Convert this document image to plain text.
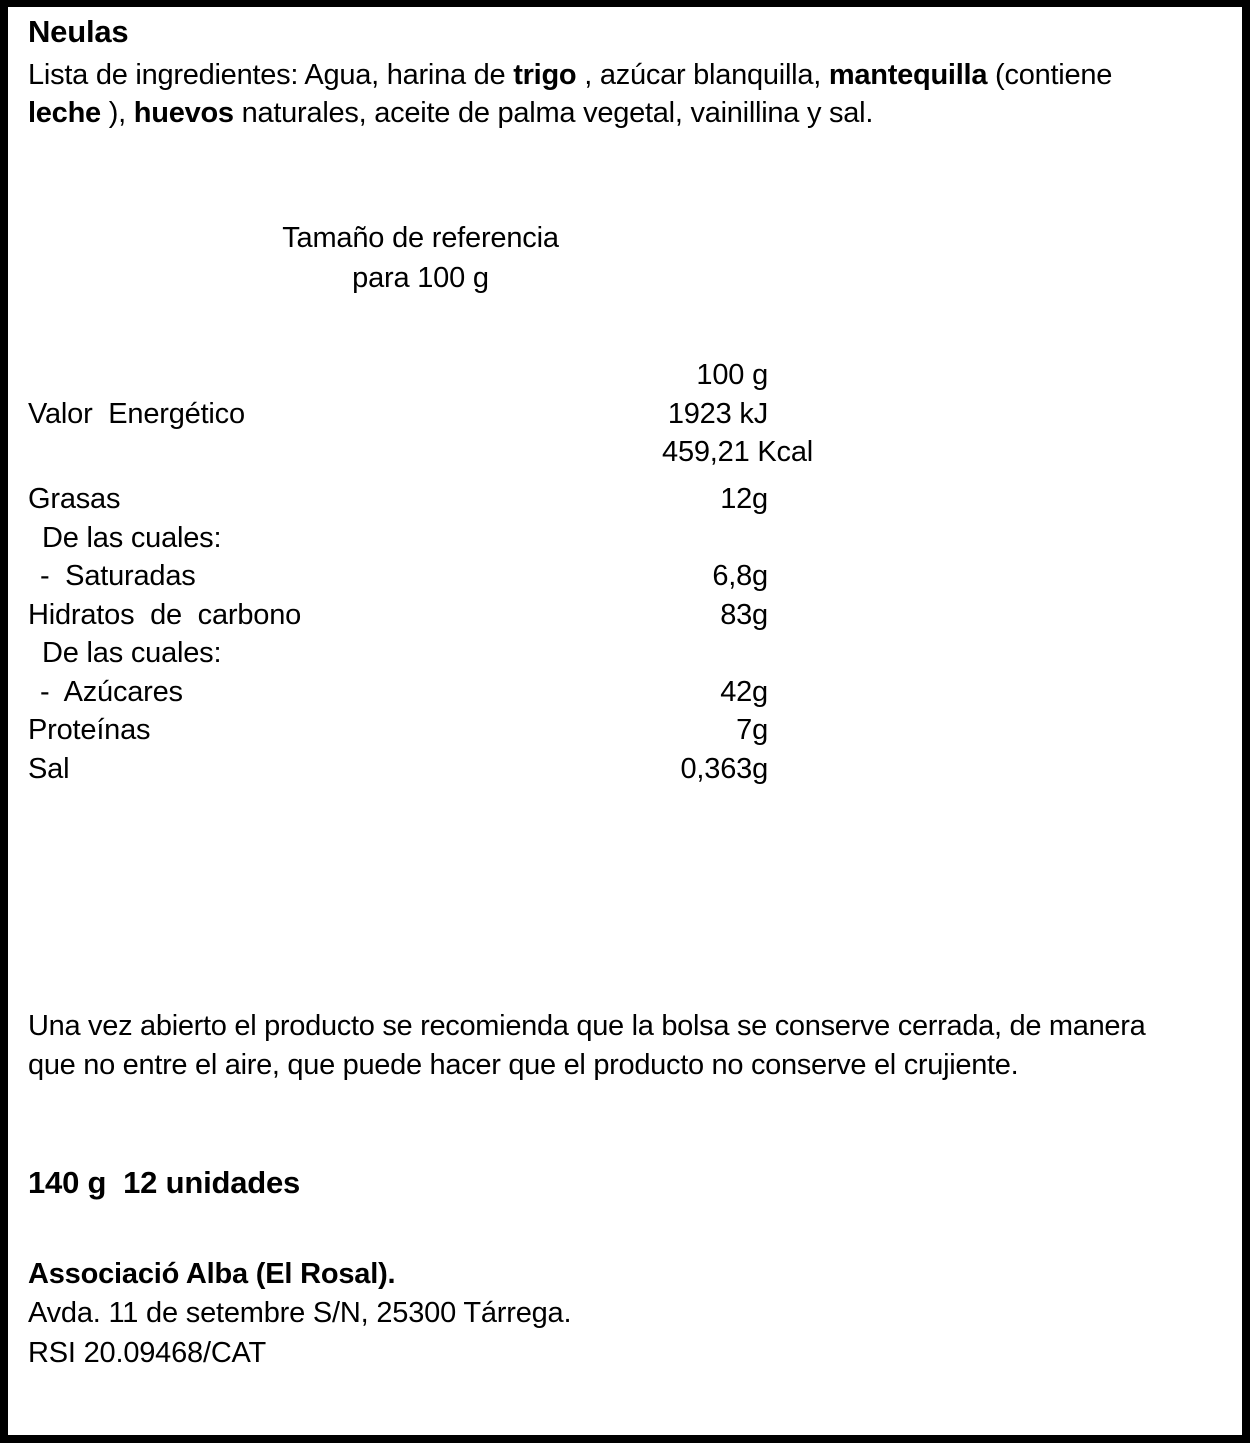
Neulas

Lista de ingredientes: Agua, harina de trigo , azúcar blanquilla, mantequilla (contiene leche ), huevos naturales, aceite de palma vegetal, vainillina y sal.

Tamaño de referencia
para 100 g
100 g
Valor  Energético	1923 kJ
459,21 Kcal
Grasas	12g
De las cuales:
-  Saturadas	6,8g
Hidratos  de  carbono	83g
De las cuales:
-  Azúcares	42g
Proteínas	7g
Sal	0,363g
Una vez abierto el producto se recomienda que la bolsa se conserve cerrada, de manera que no entre el aire, que puede hacer que el producto no conserve el crujiente.
140 g  12 unidades
Associació Alba (El Rosal).
Avda. 11 de setembre S/N, 25300 Tárrega.
RSI 20.09468/CAT
